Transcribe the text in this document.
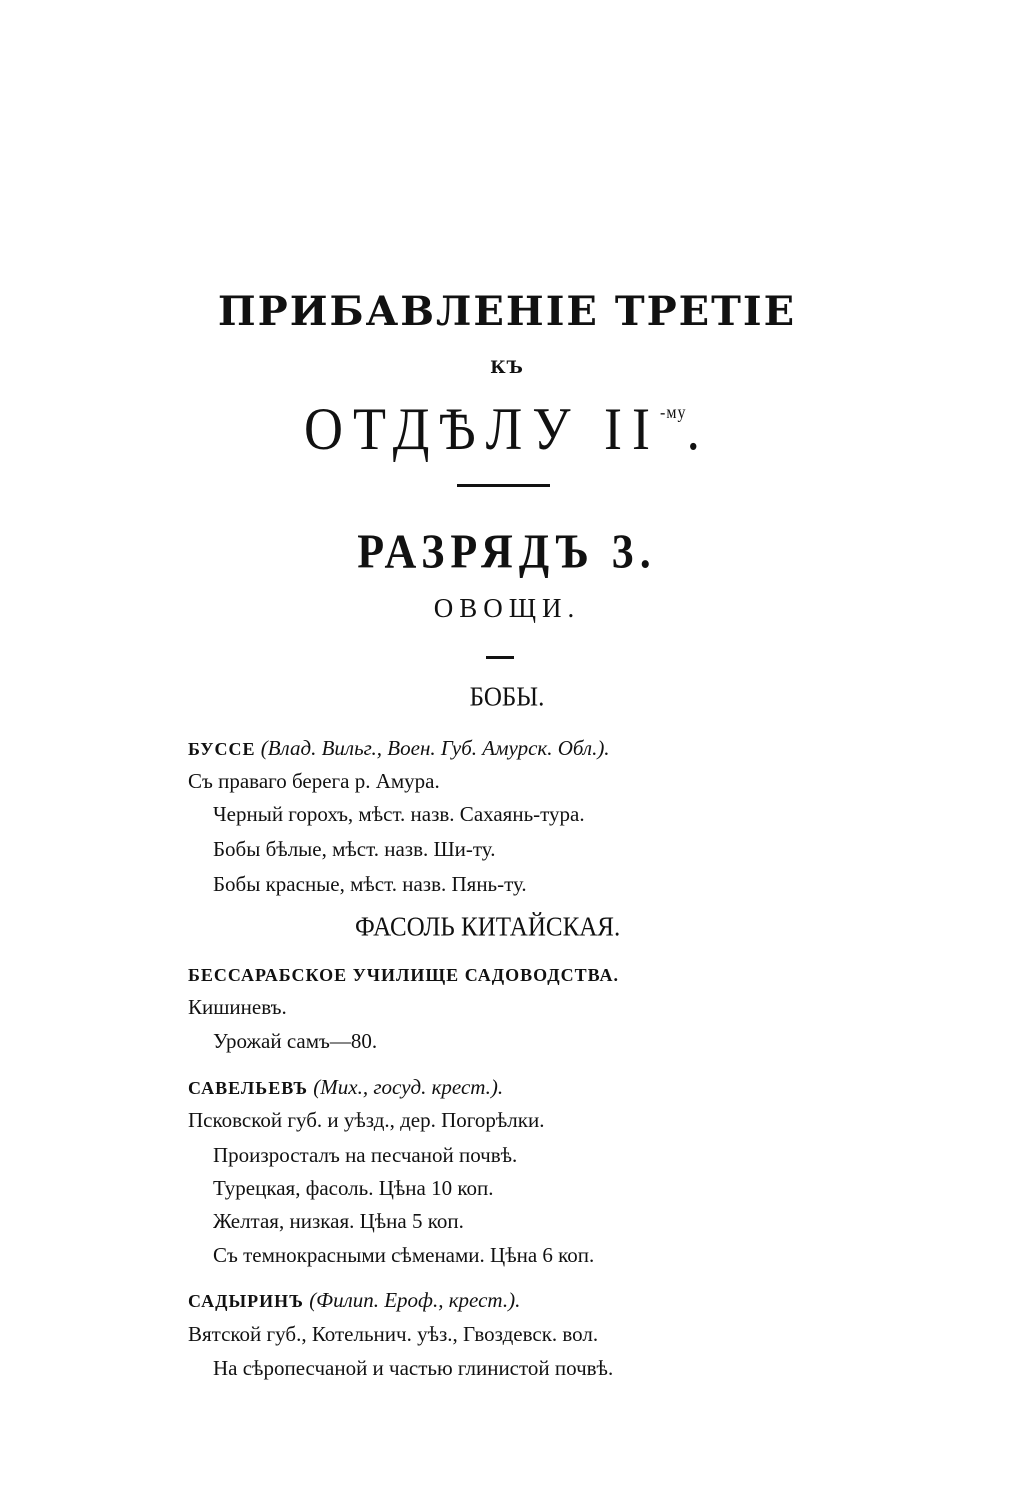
ПРИБАВЛЕНІЕ ТРЕТІЕ
КЪ
ОТДѢЛУ $II^{-му}$.
РАЗРЯДЪ 3.
ОВОЩИ.
БОБЫ.
БУССЕ (Влад. Вильг., Воен. Губ. Амурск. Обл.).
Съ праваго берега р. Амура.
Черный горохъ, мѣст. назв. Сахаянь-тура.
Бобы бѣлые, мѣст. назв. Ши-ту.
Бобы красные, мѣст. назв. Пянь-ту.
ФАСОЛЬ КИТАЙСКАЯ.
БЕССАРАБСКОЕ УЧИЛИЩЕ САДОВОДСТВА.
Кишиневъ.
Урожай самъ—80.
САВЕЛЬЕВЪ (Мих., госуд. крест.).
Псковской губ. и уѣзд., дер. Погорѣлки.
Произросталъ на песчаной почвѣ.
Турецкая, фасоль. Цѣна 10 коп.
Желтая, низкая. Цѣна 5 коп.
Съ темнокрасными сѣменами. Цѣна 6 коп.
САДЫРИНЪ (Филип. Ероф., крест.).
Вятской губ., Котельнич. уѣз., Гвоздевск. вол.
На сѣропесчаной и частью глинистой почвѣ.
